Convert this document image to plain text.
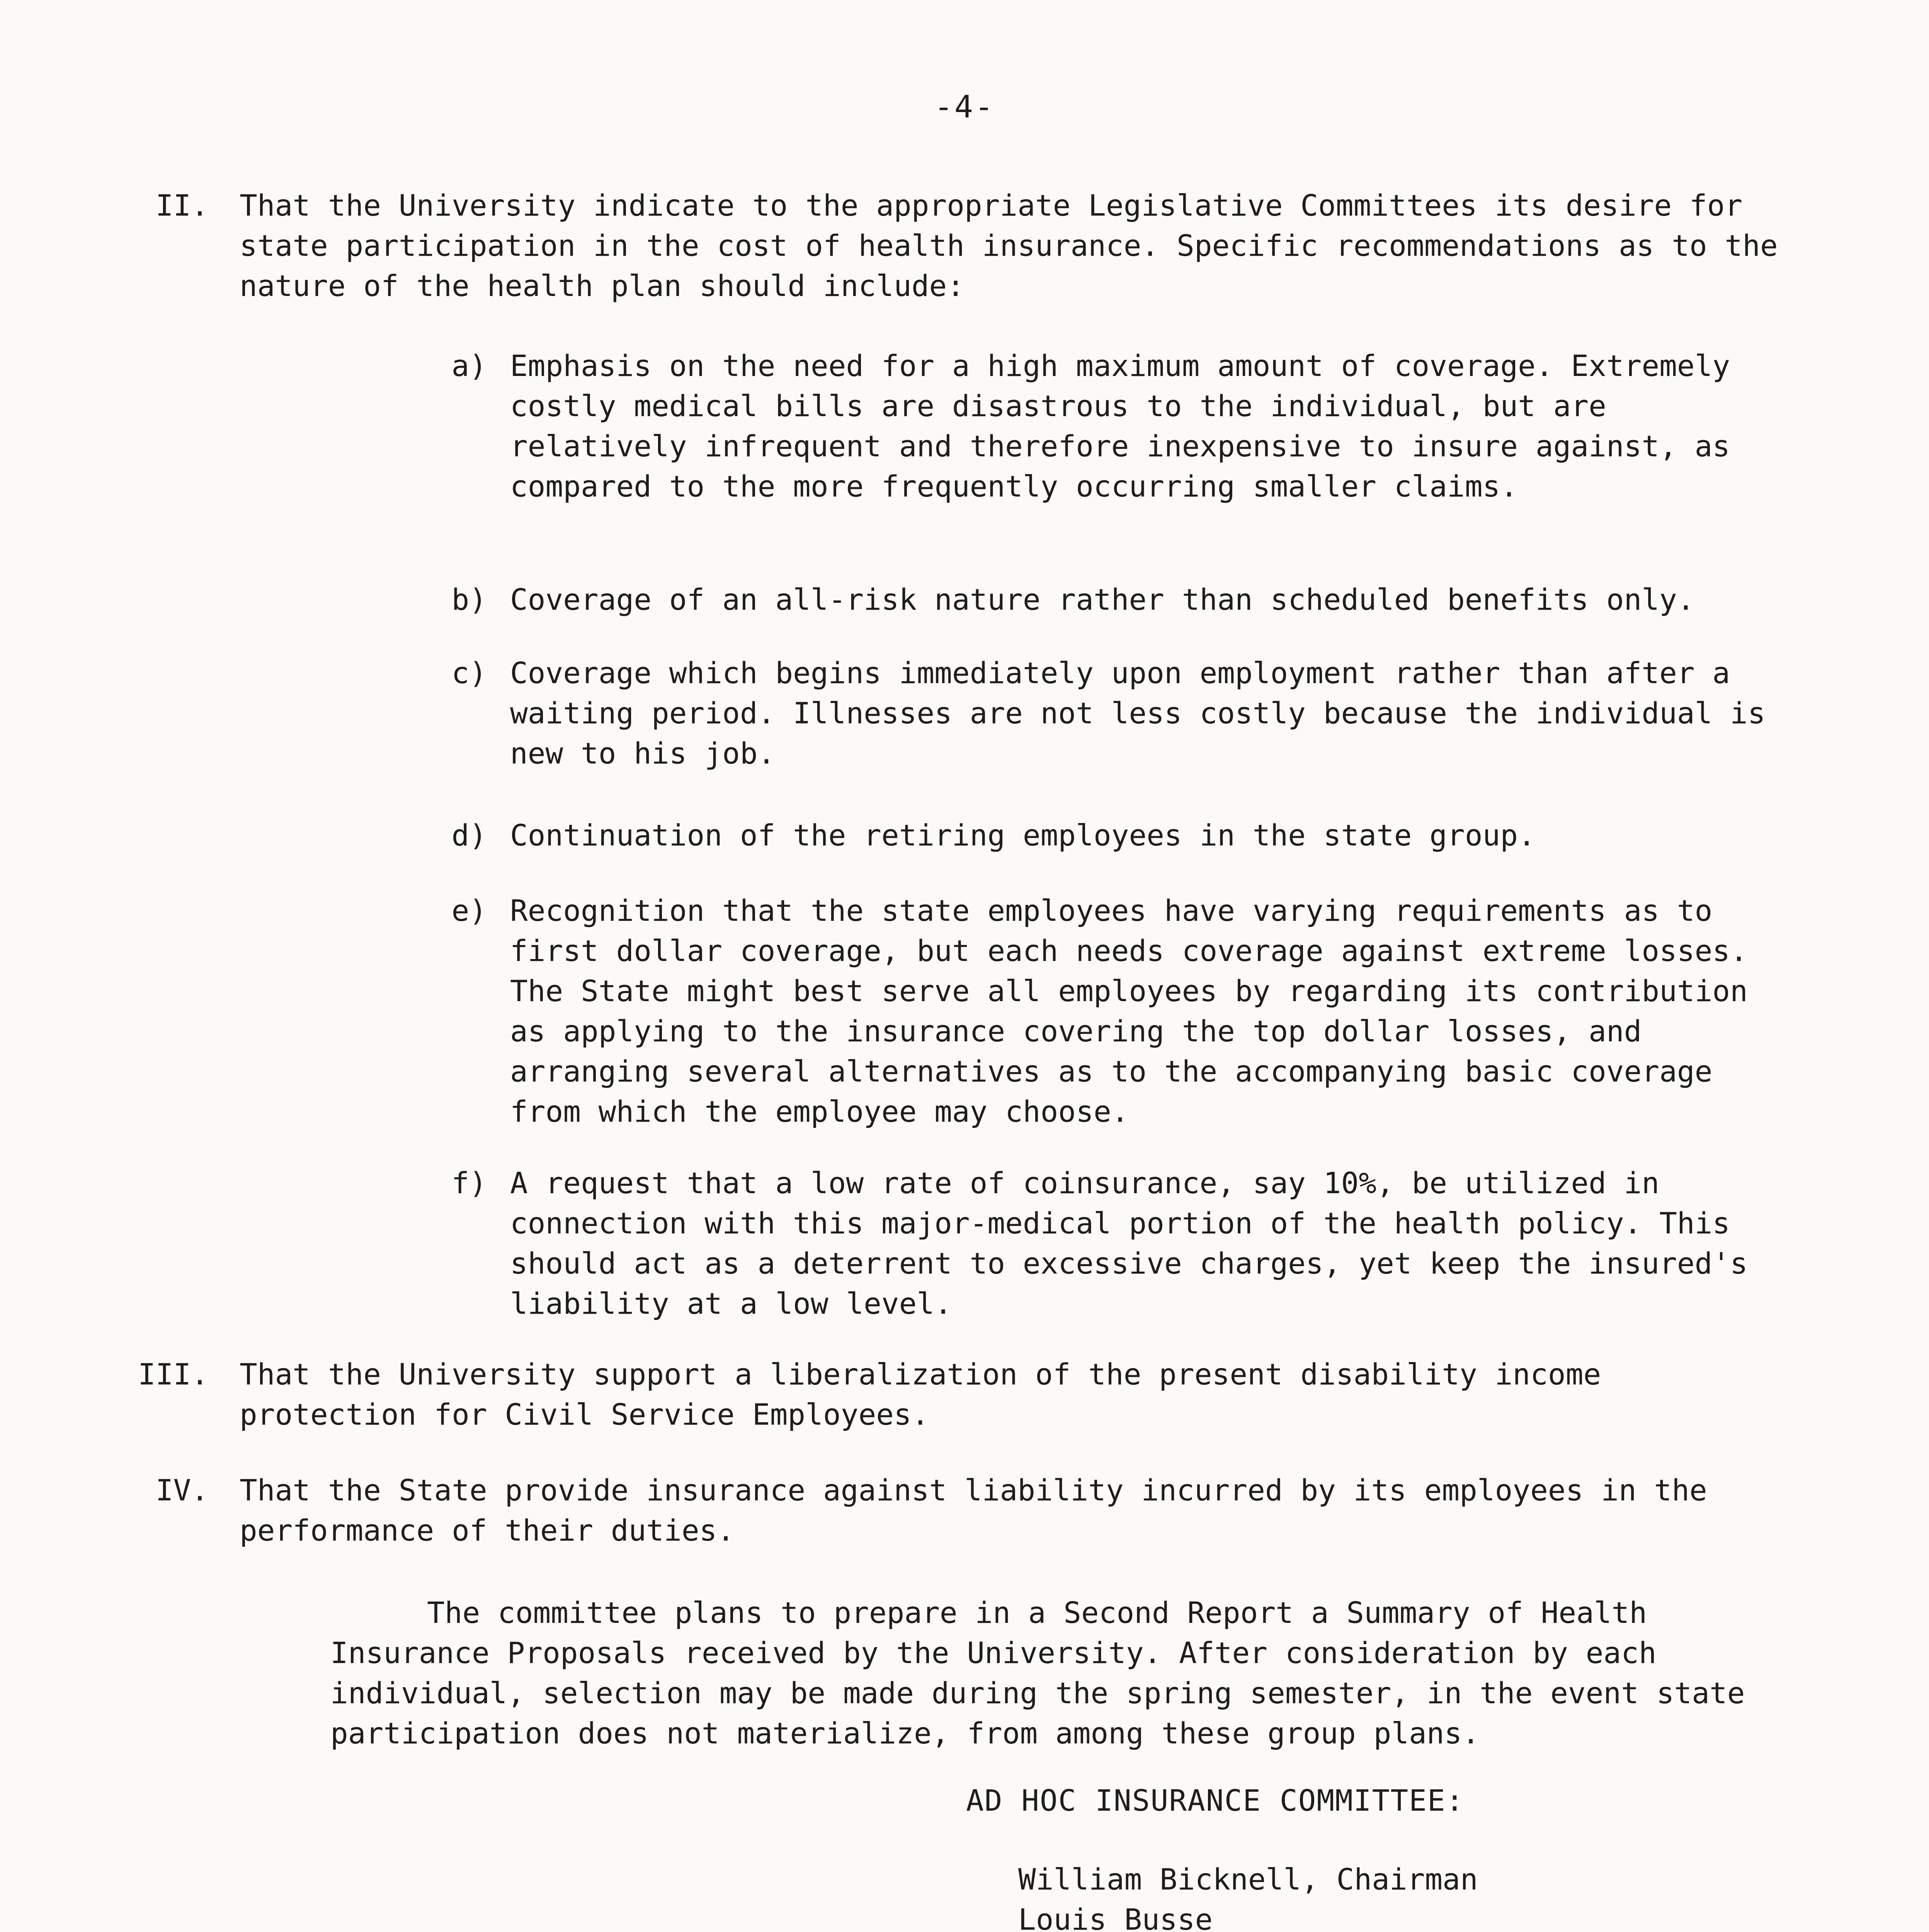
-4-
II. That the University indicate to the appropriate Legislative Committees its desire for state participation in the cost of health insurance. Specific recommendations as to the nature of the health plan should include:

a) Emphasis on the need for a high maximum amount of coverage. Extremely costly medical bills are disastrous to the individual, but are relatively infrequent and therefore inexpensive to insure against, as compared to the more frequently occurring smaller claims.

b) Coverage of an all-risk nature rather than scheduled benefits only.

c) Coverage which begins immediately upon employment rather than after a waiting period. Illnesses are not less costly because the individual is new to his job.

d) Continuation of the retiring employees in the state group.

e) Recognition that the state employees have varying requirements as to first dollar coverage, but each needs coverage against extreme losses. The State might best serve all employees by regarding its contribution as applying to the insurance covering the top dollar losses, and arranging several alternatives as to the accompanying basic coverage from which the employee may choose.

f) A request that a low rate of coinsurance, say 10%, be utilized in connection with this major-medical portion of the health policy. This should act as a deterrent to excessive charges, yet keep the insured's liability at a low level.

III. That the University support a liberalization of the present disability income protection for Civil Service Employees.

IV. That the State provide insurance against liability incurred by its employees in the performance of their duties.

The committee plans to prepare in a Second Report a Summary of Health Insurance Proposals received by the University. After consideration by each individual, selection may be made during the spring semester, in the event state participation does not materialize, from among these group plans.

AD HOC INSURANCE COMMITTEE:

William Bicknell, Chairman
Louis Busse
